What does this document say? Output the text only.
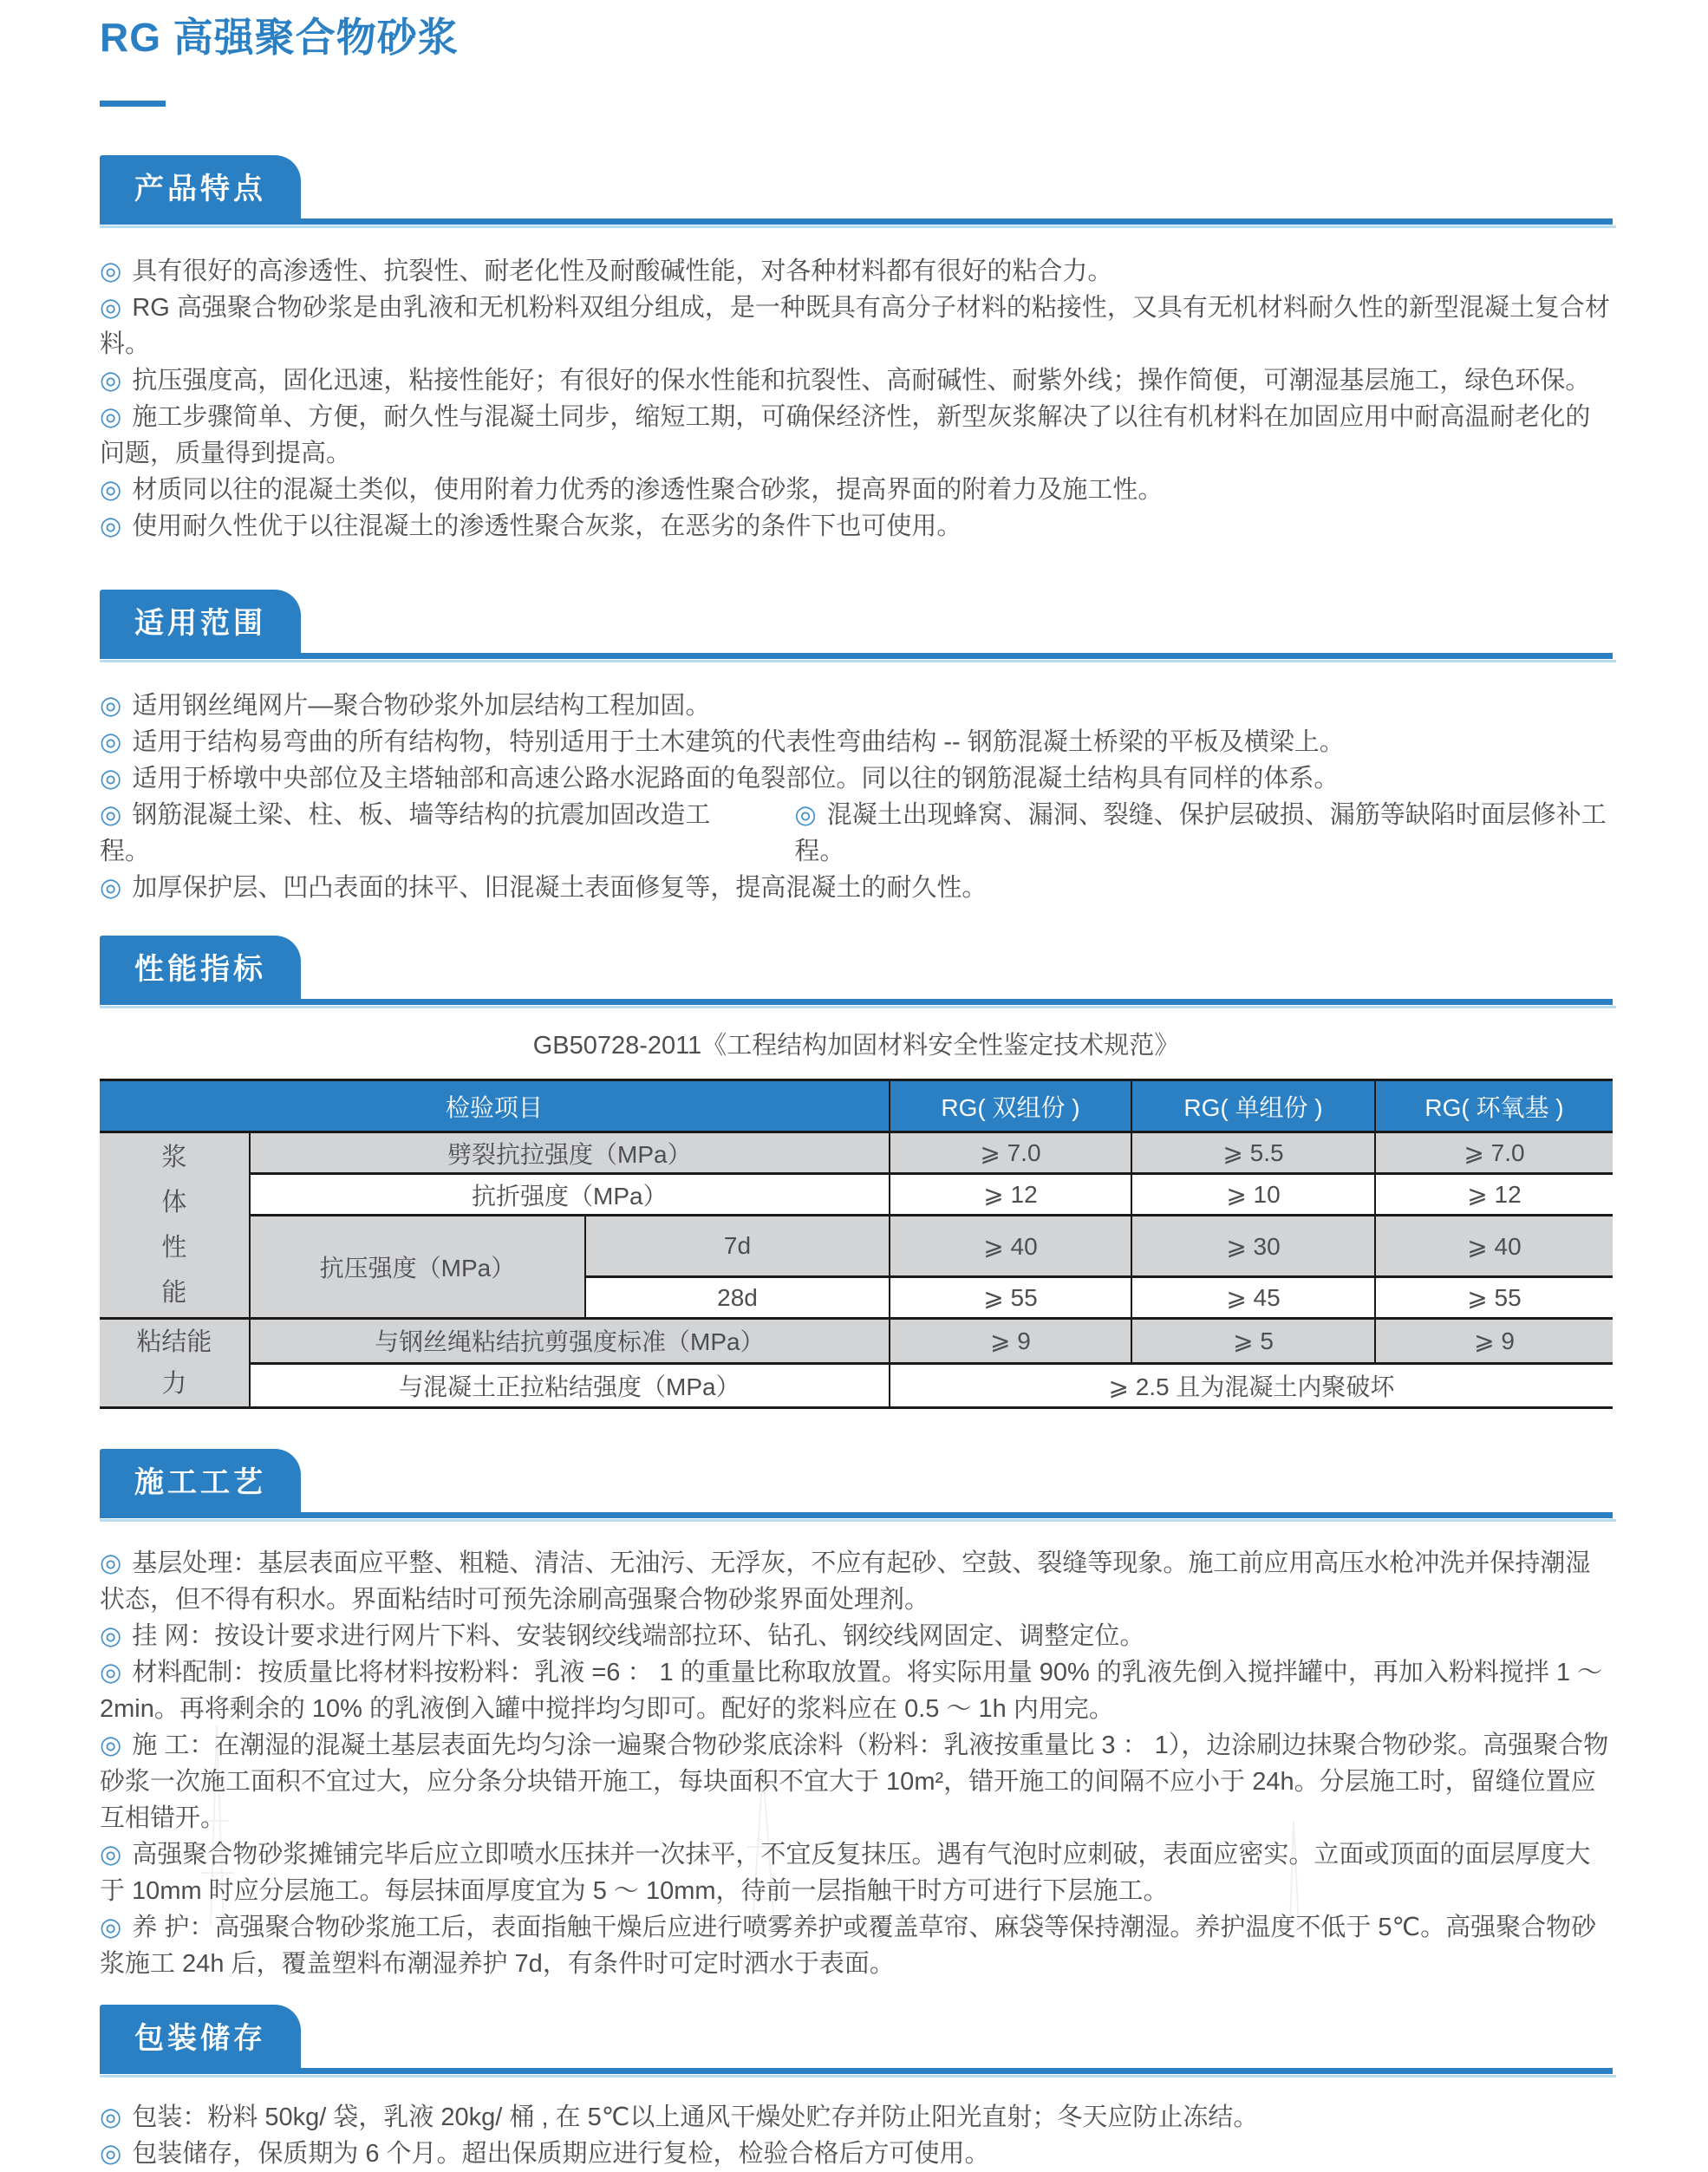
RG 高强聚合物砂浆
产品特点

◎ 具有很好的高渗透性、抗裂性、耐老化性及耐酸碱性能，对各种材料都有很好的粘合力。

◎ RG 高强聚合物砂浆是由乳液和无机粉料双组分组成，是一种既具有高分子材料的粘接性，又具有无机材料耐久性的新型混凝土复合材料。

◎ 抗压强度高，固化迅速，粘接性能好；有很好的保水性能和抗裂性、高耐碱性、耐紫外线；操作简便，可潮湿基层施工，绿色环保。

◎ 施工步骤简单、方便，耐久性与混凝土同步，缩短工期，可确保经济性，新型灰浆解决了以往有机材料在加固应用中耐高温耐老化的问题，质量得到提高。

◎ 材质同以往的混凝土类似，使用附着力优秀的渗透性聚合砂浆，提高界面的附着力及施工性。

◎ 使用耐久性优于以往混凝土的渗透性聚合灰浆，在恶劣的条件下也可使用。

适用范围

◎ 适用钢丝绳网片—聚合物砂浆外加层结构工程加固。

◎ 适用于结构易弯曲的所有结构物，特别适用于土木建筑的代表性弯曲结构 -- 钢筋混凝土桥梁的平板及横梁上。

◎ 适用于桥墩中央部位及主塔轴部和高速公路水泥路面的龟裂部位。同以往的钢筋混凝土结构具有同样的体系。

◎ 钢筋混凝土梁、柱、板、墙等结构的抗震加固改造工程。

◎ 混凝土出现蜂窝、漏洞、裂缝、保护层破损、漏筋等缺陷时面层修补工程。

◎ 加厚保护层、凹凸表面的抹平、旧混凝土表面修复等，提高混凝土的耐久性。

性能指标
GB50728-2011《工程结构加固材料安全性鉴定技术规范》
检验项目			RG( 双组份 )	RG( 单组份 )	RG( 环氧基 )
浆体性能	劈裂抗拉强度（MPa）		⩾ 7.0	⩾ 5.5	⩾ 7.0
	抗折强度（MPa）		⩾ 12	⩾ 10	⩾ 12
	抗压强度（MPa）	7d	⩾ 40	⩾ 30	⩾ 40
		28d	⩾ 55	⩾ 45	⩾ 55
粘结能力	与钢丝绳粘结抗剪强度标准（MPa）		⩾ 9	⩾ 5	⩾ 9
	与混凝土正拉粘结强度（MPa）		⩾ 2.5 且为混凝土内聚破坏		
施工工艺

◎ 基层处理：基层表面应平整、粗糙、清洁、无油污、无浮灰，不应有起砂、空鼓、裂缝等现象。施工前应用高压水枪冲洗并保持潮湿状态，但不得有积水。界面粘结时可预先涂刷高强聚合物砂浆界面处理剂。

◎ 挂 网：按设计要求进行网片下料、安装钢绞线端部拉环、钻孔、钢绞线网固定、调整定位。

◎ 材料配制：按质量比将材料按粉料：乳液 =6 ： 1 的重量比称取放置。将实际用量 90% 的乳液先倒入搅拌罐中，再加入粉料搅拌 1 ～ 2min。再将剩余的 10% 的乳液倒入罐中搅拌均匀即可。配好的浆料应在 0.5 ～ 1h 内用完。

◎ 施 工：在潮湿的混凝土基层表面先均匀涂一遍聚合物砂浆底涂料（粉料：乳液按重量比 3 ： 1），边涂刷边抹聚合物砂浆。高强聚合物砂浆一次施工面积不宜过大，应分条分块错开施工，每块面积不宜大于 10m²，错开施工的间隔不应小于 24h。分层施工时，留缝位置应互相错开。

◎ 高强聚合物砂浆摊铺完毕后应立即喷水压抹并一次抹平，不宜反复抹压。遇有气泡时应刺破，表面应密实。立面或顶面的面层厚度大于 10mm 时应分层施工。每层抹面厚度宜为 5 ～ 10mm，待前一层指触干时方可进行下层施工。

◎ 养 护：高强聚合物砂浆施工后，表面指触干燥后应进行喷雾养护或覆盖草帘、麻袋等保持潮湿。养护温度不低于 5℃。高强聚合物砂浆施工 24h 后，覆盖塑料布潮湿养护 7d，有条件时可定时洒水于表面。

包装储存

◎ 包装：粉料 50kg/ 袋，乳液 20kg/ 桶 , 在 5℃以上通风干燥处贮存并防止阳光直射；冬天应防止冻结。

◎ 包装储存，保质期为 6 个月。超出保质期应进行复检，检验合格后方可使用。
